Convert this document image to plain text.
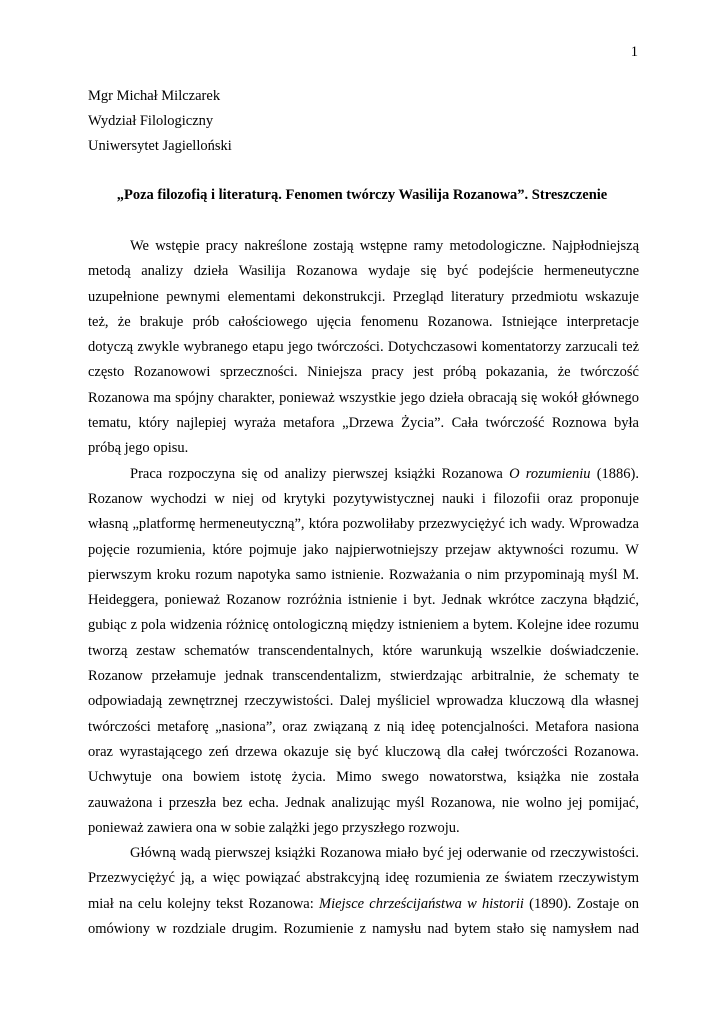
1
Mgr Michał Milczarek
Wydział Filologiczny
Uniwersytet Jagielloński
„Poza filozofią i literaturą. Fenomen twórczy Wasilija Rozanowa”. Streszczenie
We wstępie pracy nakreślone zostają wstępne ramy metodologiczne. Najpłodniejszą
metodą analizy dzieła Wasilija Rozanowa wydaje się być podejście hermeneutyczne
uzupełnione pewnymi elementami dekonstrukcji. Przegląd literatury przedmiotu wskazuje
też, że brakuje prób całościowego ujęcia fenomenu Rozanowa. Istniejące interpretacje
dotyczą zwykle wybranego etapu jego twórczości. Dotychczasowi komentatorzy zarzucali też
często Rozanowowi sprzeczności. Niniejsza pracy jest próbą pokazania, że twórczość
Rozanowa ma spójny charakter, ponieważ wszystkie jego dzieła obracają się wokół głównego
tematu, który najlepiej wyraża metafora „Drzewa Życia”. Cała twórczość Roznowa była
próbą jego opisu.
Praca rozpoczyna się od analizy pierwszej książki Rozanowa O rozumieniu (1886).
Rozanow wychodzi w niej od krytyki pozytywistycznej nauki i filozofii oraz proponuje
własną „platformę hermeneutyczną”, która pozwoliłaby przezwyciężyć ich wady. Wprowadza
pojęcie rozumienia, które pojmuje jako najpierwotniejszy przejaw aktywności rozumu. W
pierwszym kroku rozum napotyka samo istnienie. Rozważania o nim przypominają myśl M.
Heideggera, ponieważ Rozanow rozróżnia istnienie i byt. Jednak wkrótce zaczyna błądzić,
gubiąc z pola widzenia różnicę ontologiczną między istnieniem a bytem. Kolejne idee rozumu
tworzą zestaw schematów transcendentalnych, które warunkują wszelkie doświadczenie.
Rozanow przełamuje jednak transcendentalizm, stwierdzając arbitralnie, że schematy te
odpowiadają zewnętrznej rzeczywistości. Dalej myśliciel wprowadza kluczową dla własnej
twórczości metaforę „nasiona”, oraz związaną z nią ideę potencjalności. Metafora nasiona
oraz wyrastającego zeń drzewa okazuje się być kluczową dla całej twórczości Rozanowa.
Uchwytuje ona bowiem istotę życia. Mimo swego nowatorstwa, książka nie została
zauważona i przeszła bez echa. Jednak analizując myśl Rozanowa, nie wolno jej pomijać,
ponieważ zawiera ona w sobie zalążki jego przyszłego rozwoju.
Główną wadą pierwszej książki Rozanowa miało być jej oderwanie od rzeczywistości.
Przezwyciężyć ją, a więc powiązać abstrakcyjną ideę rozumienia ze światem rzeczywistym
miał na celu kolejny tekst Rozanowa: Miejsce chrześcijaństwa w historii (1890). Zostaje on
omówiony w rozdziale drugim. Rozumienie z namysłu nad bytem stało się namysłem nad
